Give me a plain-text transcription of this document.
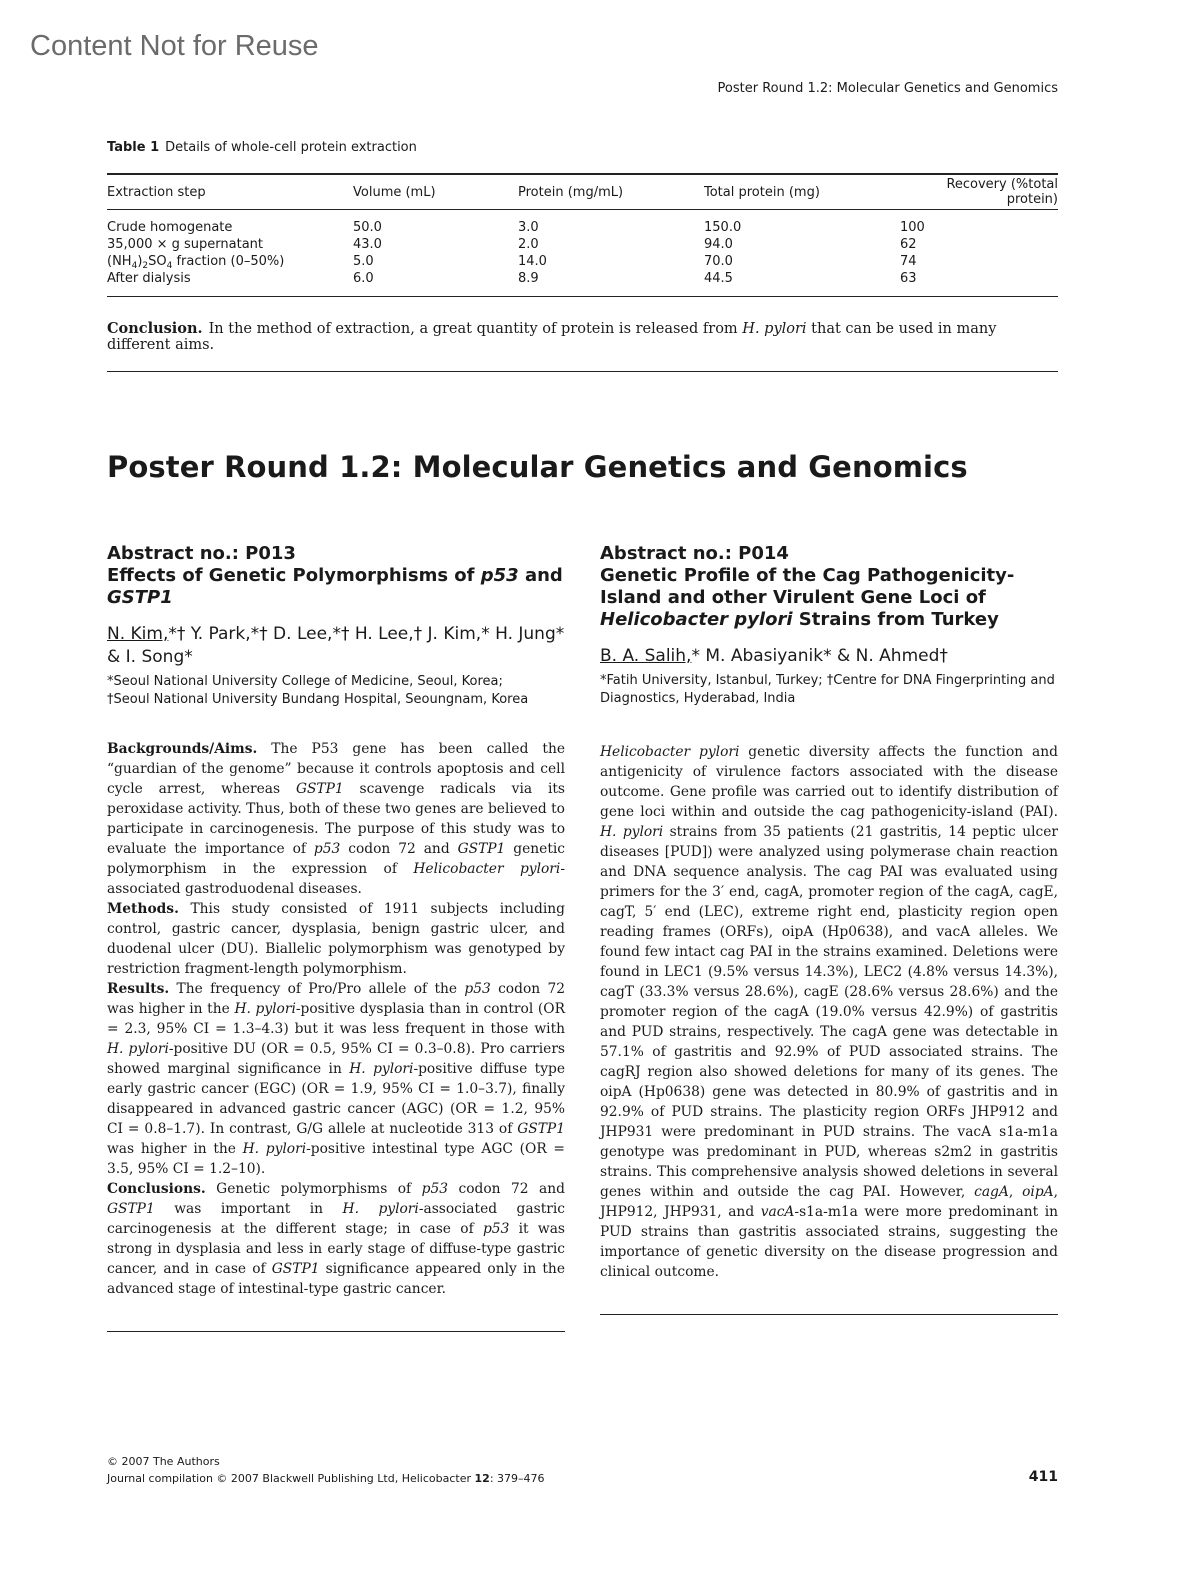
Content Not for Reuse
Poster Round 1.2: Molecular Genetics and Genomics
Table 1 Details of whole-cell protein extraction
Extraction step	Volume (mL)	Protein (mg/mL)	Total protein (mg)	Recovery (%total protein)
Crude homogenate	50.0	3.0	150.0	100
35,000 × g supernatant	43.0	2.0	94.0	62
$(NH_4)_2SO_4$ fraction (0–50%)	5.0	14.0	70.0	74
After dialysis	6.0	8.9	44.5	63
Conclusion. In the method of extraction, a great quantity of protein is released from H. pylori that can be used in many different aims.
Poster Round 1.2: Molecular Genetics and Genomics
Abstract no.: P013
Effects of Genetic Polymorphisms of p53 and GSTP1
N. Kim,*† Y. Park,*† D. Lee,*† H. Lee,† J. Kim,* H. Jung* & I. Song*
*Seoul National University College of Medicine, Seoul, Korea;
†Seoul National University Bundang Hospital, Seoungnam, Korea

Backgrounds/Aims. The P53 gene has been called the “guardian of the genome” because it controls apoptosis and cell cycle arrest, whereas GSTP1 scavenge radicals via its peroxidase activity. Thus, both of these two genes are believed to participate in carcinogenesis. The purpose of this study was to evaluate the importance of p53 codon 72 and GSTP1 genetic polymorphism in the expression of Helicobacter pylori-associated gastroduodenal diseases.

Methods. This study consisted of 1911 subjects including control, gastric cancer, dysplasia, benign gastric ulcer, and duodenal ulcer (DU). Biallelic polymorphism was genotyped by restriction fragment-length polymorphism.

Results. The frequency of Pro/Pro allele of the p53 codon 72 was higher in the H. pylori-positive dysplasia than in control (OR = 2.3, 95% CI = 1.3–4.3) but it was less frequent in those with H. pylori-positive DU (OR = 0.5, 95% CI = 0.3–0.8). Pro carriers showed marginal significance in H. pylori-positive diffuse type early gastric cancer (EGC) (OR = 1.9, 95% CI = 1.0–3.7), finally disappeared in advanced gastric cancer (AGC) (OR = 1.2, 95% CI = 0.8–1.7). In contrast, G/G allele at nucleotide 313 of GSTP1 was higher in the H. pylori-positive intestinal type AGC (OR = 3.5, 95% CI = 1.2–10).

Conclusions. Genetic polymorphisms of p53 codon 72 and GSTP1 was important in H. pylori-associated gastric carcinogenesis at the different stage; in case of p53 it was strong in dysplasia and less in early stage of diffuse-type gastric cancer, and in case of GSTP1 significance appeared only in the advanced stage of intestinal-type gastric cancer.

Abstract no.: P014
Genetic Profile of the Cag Pathogenicity-Island and other Virulent Gene Loci of Helicobacter pylori Strains from Turkey
B. A. Salih,* M. Abasiyanik* & N. Ahmed†
*Fatih University, Istanbul, Turkey; †Centre for DNA Fingerprinting and Diagnostics, Hyderabad, India

Helicobacter pylori genetic diversity affects the function and antigenicity of virulence factors associated with the disease outcome. Gene profile was carried out to identify distribution of gene loci within and outside the cag pathogenicity-island (PAI). H. pylori strains from 35 patients (21 gastritis, 14 peptic ulcer diseases [PUD]) were analyzed using polymerase chain reaction and DNA sequence analysis. The cag PAI was evaluated using primers for the 3′ end, cagA, promoter region of the cagA, cagE, cagT, 5′ end (LEC), extreme right end, plasticity region open reading frames (ORFs), oipA (Hp0638), and vacA alleles. We found few intact cag PAI in the strains examined. Deletions were found in LEC1 (9.5% versus 14.3%), LEC2 (4.8% versus 14.3%), cagT (33.3% versus 28.6%), cagE (28.6% versus 28.6%) and the promoter region of the cagA (19.0% versus 42.9%) of gastritis and PUD strains, respectively. The cagA gene was detectable in 57.1% of gastritis and 92.9% of PUD associated strains. The cagRJ region also showed deletions for many of its genes. The oipA (Hp0638) gene was detected in 80.9% of gastritis and in 92.9% of PUD strains. The plasticity region ORFs JHP912 and JHP931 were predominant in PUD strains. The vacA s1a-m1a genotype was predominant in PUD, whereas s2m2 in gastritis strains. This comprehensive analysis showed deletions in several genes within and outside the cag PAI. However, cagA, oipA, JHP912, JHP931, and vacA-s1a-m1a were more predominant in PUD strains than gastritis associated strains, suggesting the importance of genetic diversity on the disease progression and clinical outcome.

© 2007 The Authors
Journal compilation © 2007 Blackwell Publishing Ltd, Helicobacter 12: 379–476	411
